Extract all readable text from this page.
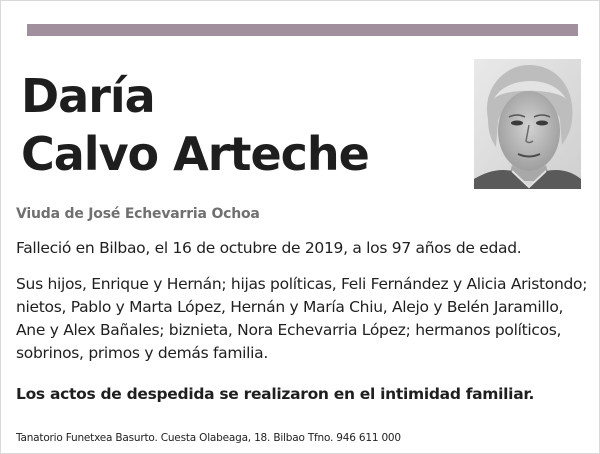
Daría
Calvo Arteche

Viuda de José Echevarria Ochoa

Falleció en Bilbao, el 16 de octubre de 2019, a los 97 años de edad.

Sus hijos, Enrique y Hernán; hijas políticas, Feli Fernández y Alicia Aristondo; nietos, Pablo y Marta López, Hernán y María Chiu, Alejo y Belén Jaramillo, Ane y Alex Bañales; biznieta, Nora Echevarria López; hermanos políticos, sobrinos, primos y demás familia.

Los actos de despedida se realizaron en el intimidad familiar.

Tanatorio Funetxea Basurto. Cuesta Olabeaga, 18. Bilbao Tfno. 946 611 000
